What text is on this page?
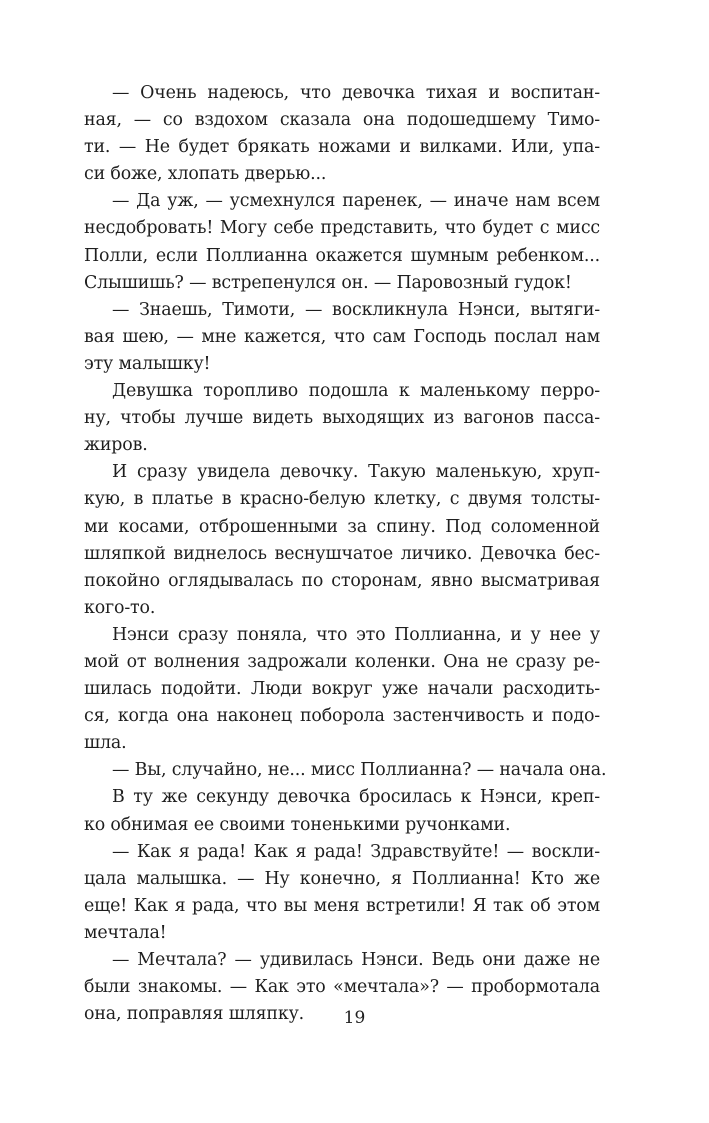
— Очень надеюсь, что девочка тихая и воспитан-
ная, — со вздохом сказала она подошедшему Тимо-
ти. — Не будет брякать ножами и вилками. Или, упа-
си боже, хлопать дверью...
— Да уж, — усмехнулся паренек, — иначе нам всем
несдобровать! Могу себе представить, что будет с мисс
Полли, если Поллианна окажется шумным ребенком...
Слышишь? — встрепенулся он. — Паровозный гудок!
— Знаешь, Тимоти, — воскликнула Нэнси, вытяги-
вая шею, — мне кажется, что сам Господь послал нам
эту малышку!
Девушка торопливо подошла к маленькому перро-
ну, чтобы лучше видеть выходящих из вагонов пасса-
жиров.
И сразу увидела девочку. Такую маленькую, хруп-
кую, в платье в красно-белую клетку, с двумя толсты-
ми косами, отброшенными за спину. Под соломенной
шляпкой виднелось веснушчатое личико. Девочка бес-
покойно оглядывалась по сторонам, явно высматривая
кого-то.
Нэнси сразу поняла, что это Поллианна, и у нее у
мой от волнения задрожали коленки. Она не сразу ре-
шилась подойти. Люди вокруг уже начали расходить-
ся, когда она наконец поборола застенчивость и подо-
шла.
— Вы, случайно, не... мисс Поллианна? — начала она.
В ту же секунду девочка бросилась к Нэнси, креп-
ко обнимая ее своими тоненькими ручонками.
— Как я рада! Как я рада! Здравствуйте! — воскли-
цала малышка. — Ну конечно, я Поллианна! Кто же
еще! Как я рада, что вы меня встретили! Я так об этом
мечтала!
— Мечтала? — удивилась Нэнси. Ведь они даже не
были знакомы. — Как это «мечтала»? — пробормотала
она, поправляя шляпку.	19
